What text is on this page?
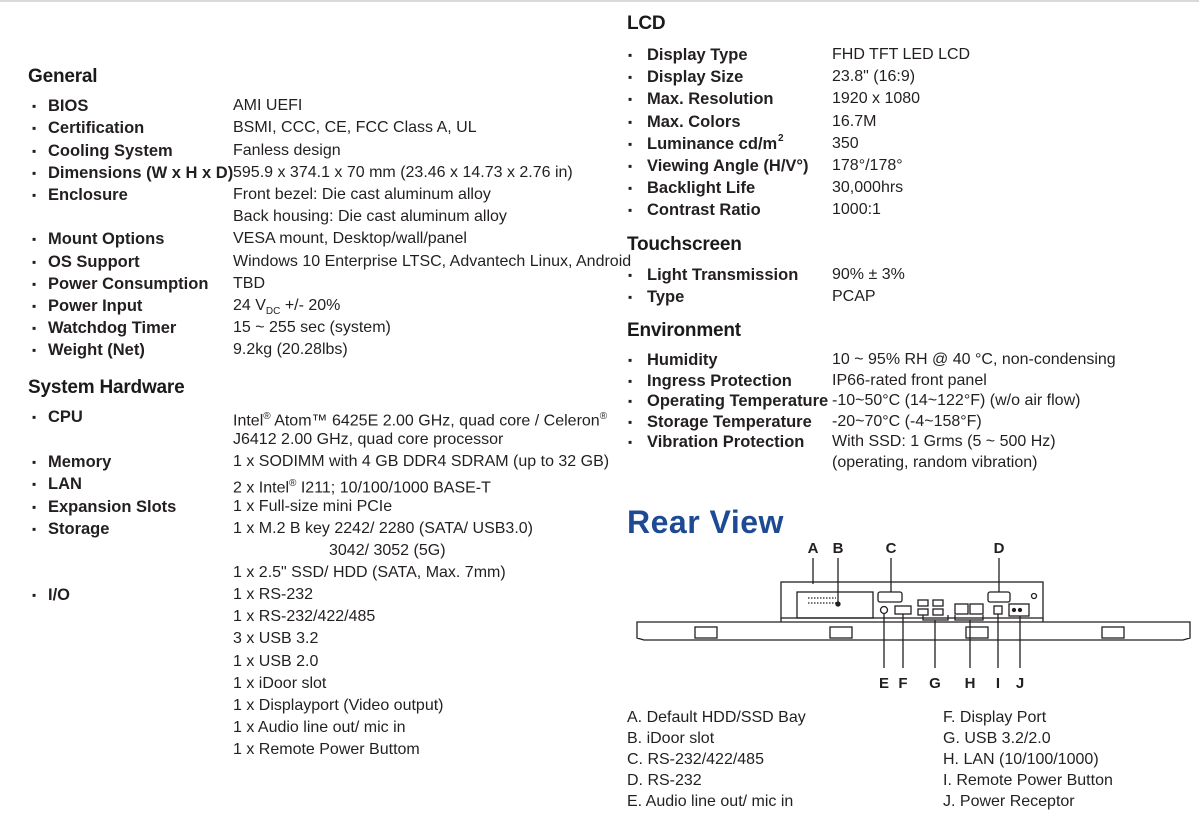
General
▪ BIOS	AMI UEFI
▪ Certification	BSMI, CCC, CE, FCC Class A, UL
▪ Cooling System	Fanless design
▪ Dimensions (W x H x D) 595.9 x 374.1 x 70 mm (23.46 x 14.73 x 2.76 in)
▪ Enclosure	Front bezel: Die cast aluminum alloy
Back housing: Die cast aluminum alloy
▪ Mount Options	VESA mount, Desktop/wall/panel
▪ OS Support	Windows 10 Enterprise LTSC, Advantech Linux, Android
▪ Power Consumption TBD
▪ Power Input	24 $V_{DC}$ +/- 20%
▪ Watchdog Timer	15 ~ 255 sec (system)
▪ Weight (Net)	9.2kg (20.28lbs)
System Hardware
▪ CPU	Intel® Atom™ 6425E 2.00 GHz, quad core / Celeron®
J6412 2.00 GHz, quad core processor
▪ Memory	1 x SODIMM with 4 GB DDR4 SDRAM (up to 32 GB)
▪ LAN	2 x Intel® I211; 10/100/1000 BASE-T
▪ Expansion Slots	1 x Full-size mini PCIe
▪ Storage	1 x M.2 B key 2242/ 2280 (SATA/ USB3.0)
3042/ 3052 (5G)
1 x 2.5" SSD/ HDD (SATA, Max. 7mm)
▪ I/O	1 x RS-232
1 x RS-232/422/485
3 x USB 3.2
1 x USB 2.0
1 x iDoor slot
1 x Displayport (Video output)
1 x Audio line out/ mic in
1 x Remote Power Buttom
LCD
▪ Display Type	FHD TFT LED LCD
▪ Display Size	23.8" (16:9)
▪ Max. Resolution	1920 x 1080
▪ Max. Colors	16.7M
▪ Luminance cd/m 2	350
▪ Viewing Angle (H/V°) 178°/178°
▪ Backlight Life	30,000hrs
▪ Contrast Ratio	1000:1
Touchscreen
▪ Light Transmission 90% ± 3%
▪ Type	PCAP
Environment
▪ Humidity	10 ~ 95% RH @ 40 °C, non-condensing
▪ Ingress Protection	IP66-rated front panel
▪ Operating Temperature -10~50°C (14~122°F) (w/o air flow)
▪ Storage Temperature -20~70°C (-4~158°F)
▪ Vibration Protection With SSD: 1 Grms (5 ~ 500 Hz)
(operating, random vibration)
Rear View
A B	C	D
E F G H I J
A. Default HDD/SSD Bay
B. iDoor slot
C. RS-232/422/485
D. RS-232
E. Audio line out/ mic in
F. Display Port
G. USB 3.2/2.0
H. LAN (10/100/1000)
I. Remote Power Button
J. Power Receptor
